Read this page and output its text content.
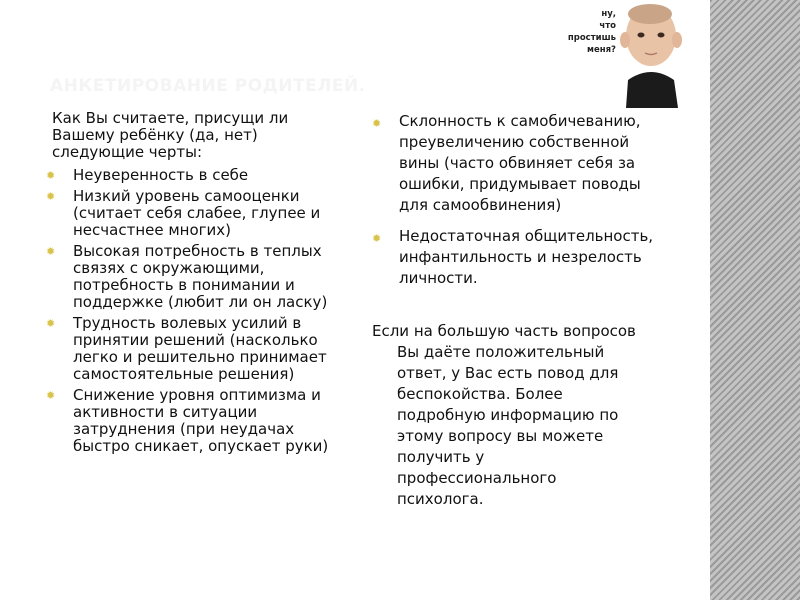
АНКЕТИРОВАНИЕ РОДИТЕЛЕЙ.
ну,
что
простишь
меня?

Как Вы считаете, присущи ли Вашему ребёнку (да, нет) следующие черты:

✹ Неуверенность в себе
✹ Низкий уровень самооценки (считает себя слабее, глупее и несчастнее многих)
✹ Высокая потребность в теплых связях с окружающими, потребность в понимании и поддержке (любит ли он ласку)
✹ Трудность волевых усилий в принятии решений (насколько легко и решительно принимает самостоятельные решения)
✹ Снижение уровня оптимизма и активности в ситуации затруднения (при неудачах быстро сникает, опускает руки)
✹ Склонность к самобичеванию, преувеличению собственной вины (часто обвиняет себя за ошибки, придумывает поводы для самообвинения)
✹ Недостаточная общительность, инфантильность и незрелость личности.
Если на большую часть вопросов
Вы даёте положительный
ответ, у Вас есть повод для
беспокойства. Более
подробную информацию по
этому вопросу вы можете
получить у
профессионального
психолога.
